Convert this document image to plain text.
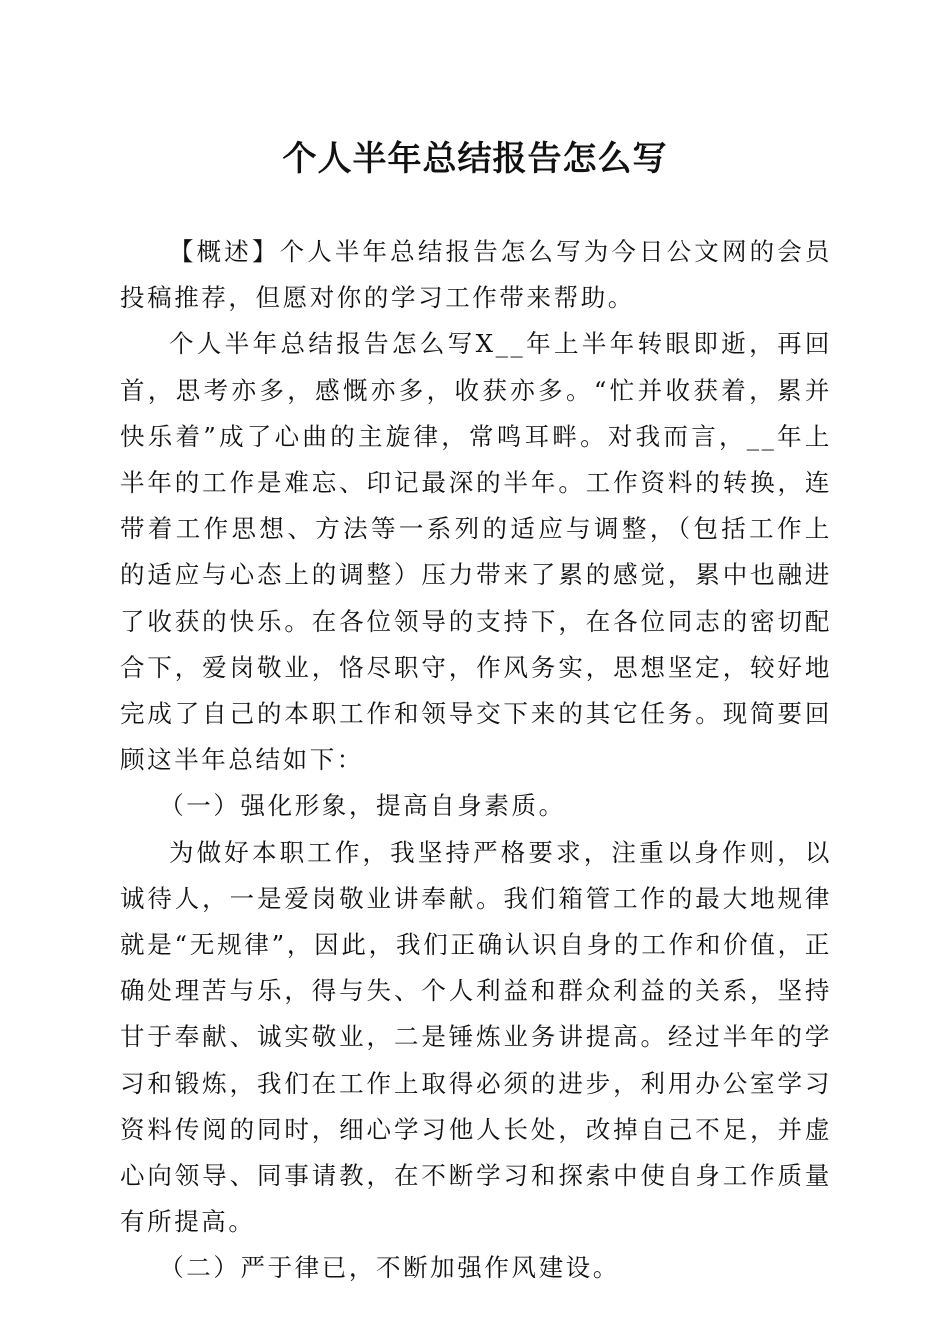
个人半年总结报告怎么写

【概述】个人半年总结报告怎么写为今日公文网的会员投稿推荐，但愿对你的学习工作带来帮助。

个人半年总结报告怎么写X__年上半年转眼即逝，再回首，思考亦多，感慨亦多，收获亦多。“忙并收获着，累并快乐着”成了心曲的主旋律，常鸣耳畔。对我而言，__年上半年的工作是难忘、印记最深的半年。工作资料的转换，连带着工作思想、方法等一系列的适应与调整，（包括工作上的适应与心态上的调整）压力带来了累的感觉，累中也融进了收获的快乐。在各位领导的支持下，在各位同志的密切配合下，爱岗敬业，恪尽职守，作风务实，思想坚定，较好地完成了自己的本职工作和领导交下来的其它任务。现简要回顾这半年总结如下：

（一）强化形象，提高自身素质。

为做好本职工作，我坚持严格要求，注重以身作则，以诚待人，一是爱岗敬业讲奉献。我们箱管工作的最大地规律就是“无规律”，因此，我们正确认识自身的工作和价值，正确处理苦与乐，得与失、个人利益和群众利益的关系，坚持甘于奉献、诚实敬业，二是锤炼业务讲提高。经过半年的学习和锻炼，我们在工作上取得必须的进步，利用办公室学习资料传阅的同时，细心学习他人长处，改掉自己不足，并虚心向领导、同事请教，在不断学习和探索中使自身工作质量有所提高。

（二）严于律已，不断加强作风建设。
